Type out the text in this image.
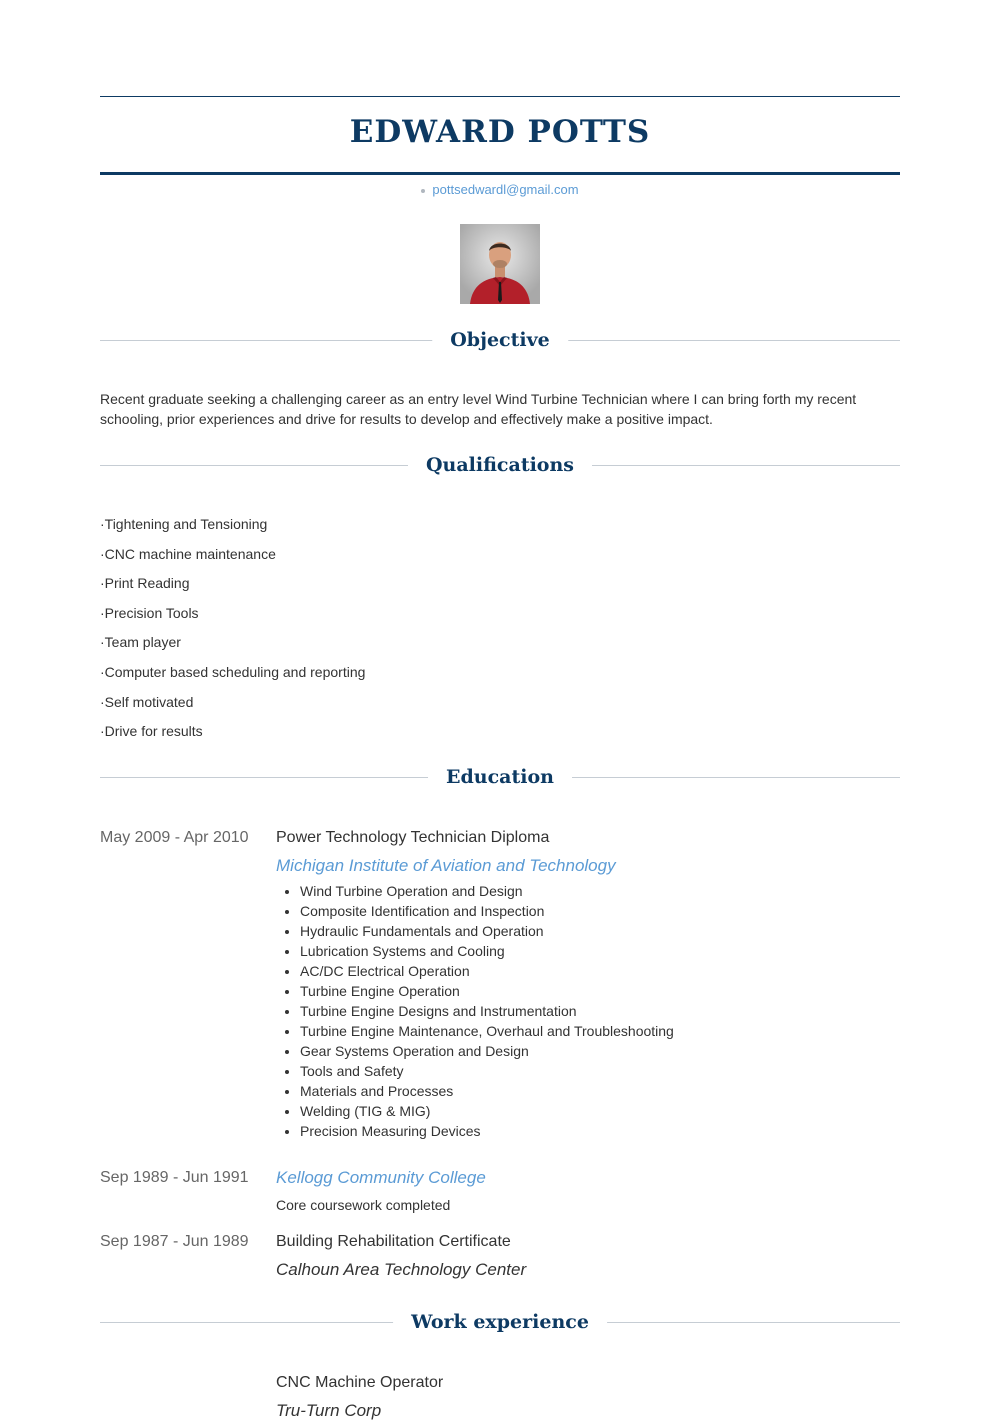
EDWARD POTTS
pottsedwardl@gmail.com
Objective

Recent graduate seeking a challenging career as an entry level Wind Turbine Technician where I can bring forth my recent schooling, prior experiences and drive for results to develop and effectively make a positive impact.

Qualifications
·Tightening and Tensioning
·CNC machine maintenance
·Print Reading
·Precision Tools
·Team player
·Computer based scheduling and reporting
·Self motivated
·Drive for results
Education
May 2009 - Apr 2010	Power Technology Technician Diploma
Michigan Institute of Aviation and Technology
• Wind Turbine Operation and Design
• Composite Identification and Inspection
• Hydraulic Fundamentals and Operation
• Lubrication Systems and Cooling
• AC/DC Electrical Operation
• Turbine Engine Operation
• Turbine Engine Designs and Instrumentation
• Turbine Engine Maintenance, Overhaul and Troubleshooting
• Gear Systems Operation and Design
• Tools and Safety
• Materials and Processes
• Welding (TIG & MIG)
• Precision Measuring Devices
Sep 1989 - Jun 1991	Kellogg Community College
Core coursework completed
Sep 1987 - Jun 1989	Building Rehabilitation Certificate
Calhoun Area Technology Center
Work experience
CNC Machine Operator
Tru-Turn Corp
